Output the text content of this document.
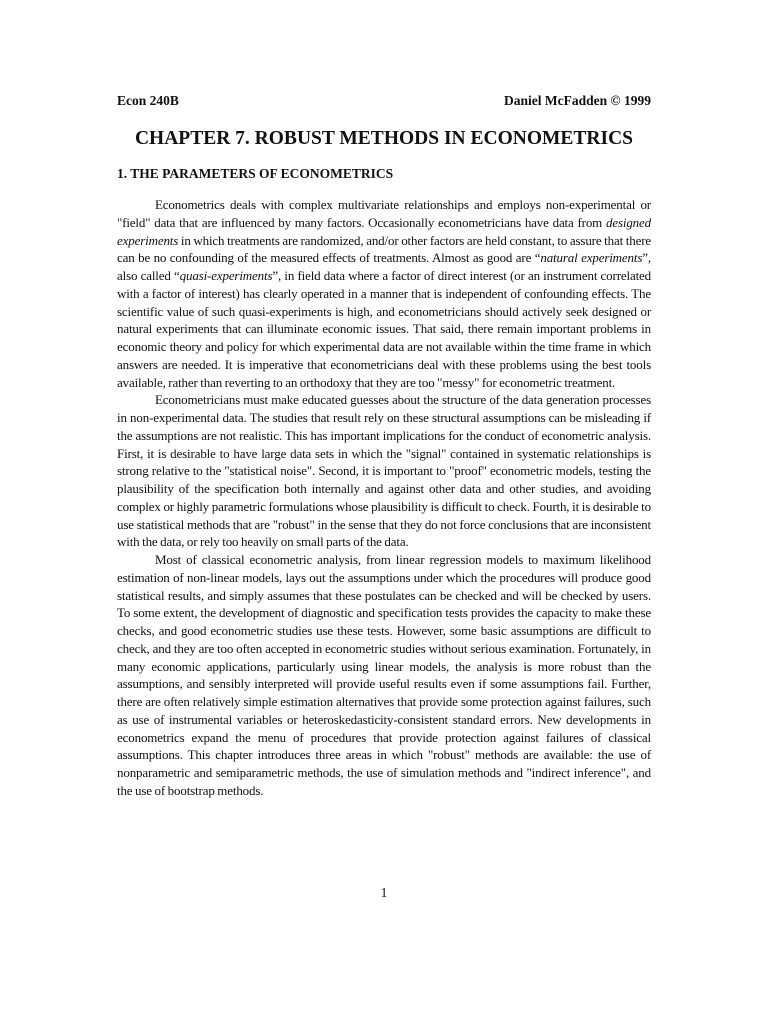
Econ 240B	Daniel McFadden © 1999
CHAPTER 7. ROBUST METHODS IN ECONOMETRICS
1. THE PARAMETERS OF ECONOMETRICS

Econometrics deals with complex multivariate relationships and employs non-experimental or "field" data that are influenced by many factors. Occasionally econometricians have data from designed experiments in which treatments are randomized, and/or other factors are held constant, to assure that there can be no confounding of the measured effects of treatments. Almost as good are “natural experiments”, also called “quasi-experiments”, in field data where a factor of direct interest (or an instrument correlated with a factor of interest) has clearly operated in a manner that is independent of confounding effects. The scientific value of such quasi-experiments is high, and econometricians should actively seek designed or natural experiments that can illuminate economic issues. That said, there remain important problems in economic theory and policy for which experimental data are not available within the time frame in which answers are needed. It is imperative that econometricians deal with these problems using the best tools available, rather than reverting to an orthodoxy that they are too "messy" for econometric treatment.

Econometricians must make educated guesses about the structure of the data generation processes in non-experimental data. The studies that result rely on these structural assumptions can be misleading if the assumptions are not realistic. This has important implications for the conduct of econometric analysis. First, it is desirable to have large data sets in which the "signal" contained in systematic relationships is strong relative to the "statistical noise". Second, it is important to "proof" econometric models, testing the plausibility of the specification both internally and against other data and other studies, and avoiding complex or highly parametric formulations whose plausibility is difficult to check. Fourth, it is desirable to use statistical methods that are "robust" in the sense that they do not force conclusions that are inconsistent with the data, or rely too heavily on small parts of the data.

Most of classical econometric analysis, from linear regression models to maximum likelihood estimation of non-linear models, lays out the assumptions under which the procedures will produce good statistical results, and simply assumes that these postulates can be checked and will be checked by users. To some extent, the development of diagnostic and specification tests provides the capacity to make these checks, and good econometric studies use these tests. However, some basic assumptions are difficult to check, and they are too often accepted in econometric studies without serious examination. Fortunately, in many economic applications, particularly using linear models, the analysis is more robust than the assumptions, and sensibly interpreted will provide useful results even if some assumptions fail. Further, there are often relatively simple estimation alternatives that provide some protection against failures, such as use of instrumental variables or heteroskedasticity-consistent standard errors. New developments in econometrics expand the menu of procedures that provide protection against failures of classical assumptions. This chapter introduces three areas in which "robust" methods are available: the use of nonparametric and semiparametric methods, the use of simulation methods and "indirect inference", and the use of bootstrap methods.

1
